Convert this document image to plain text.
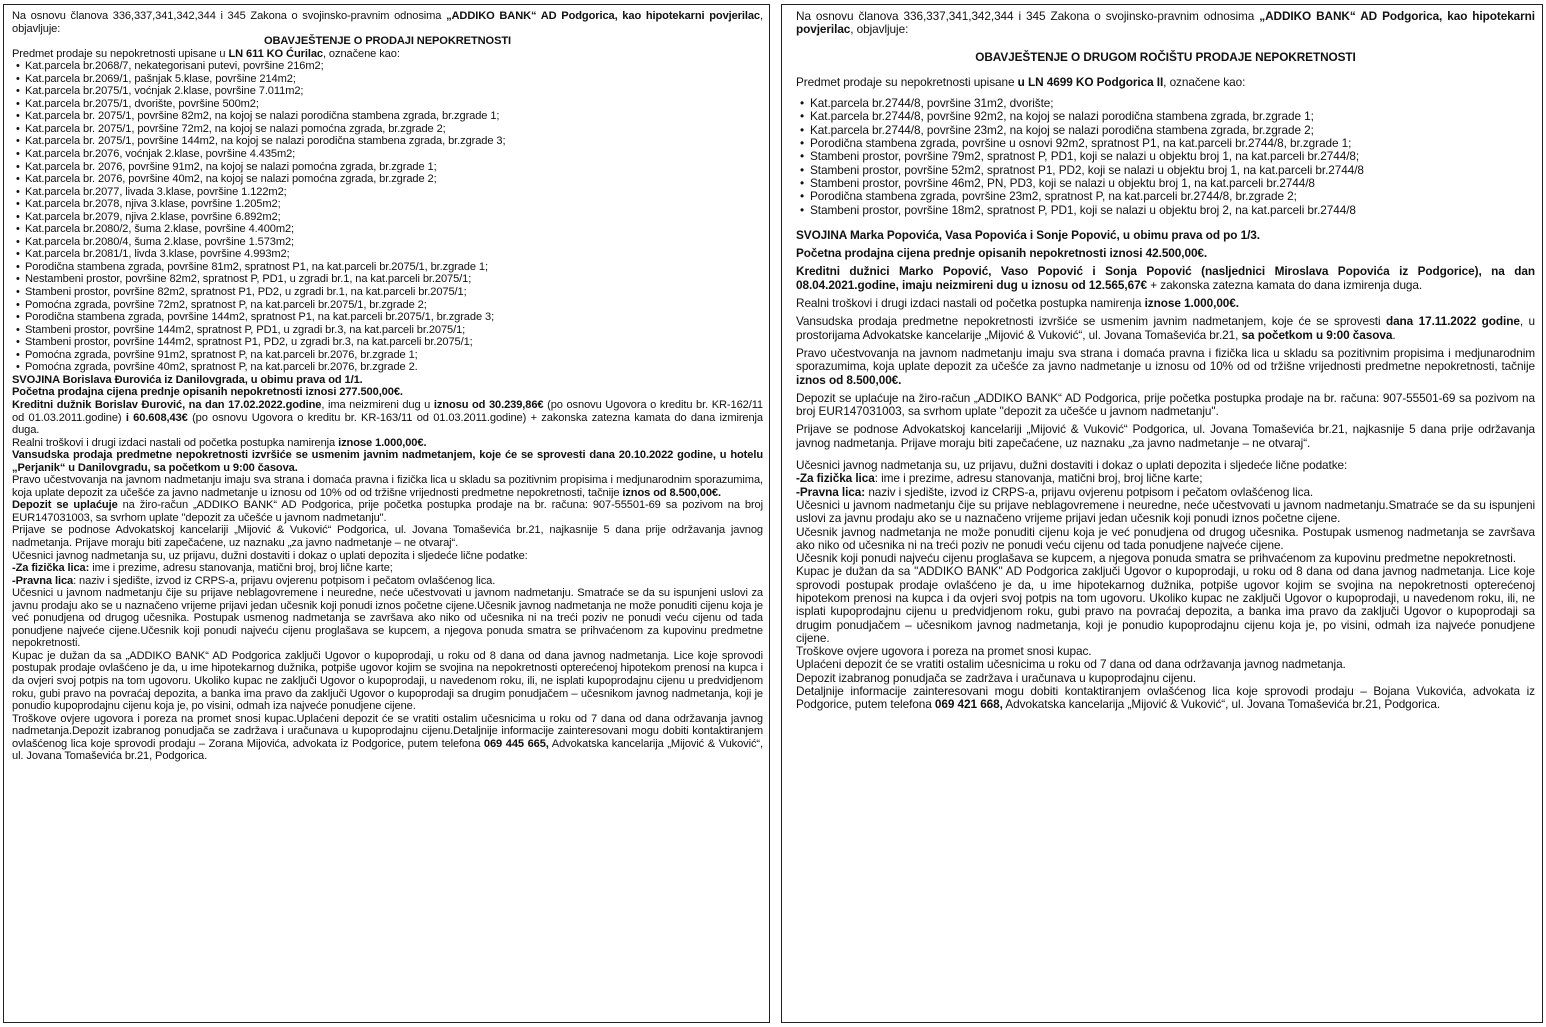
Na osnovu članova 336,337,341,342,344 i 345 Zakona o svojinsko-pravnim odnosima „ADDIKO BANK“ AD Podgorica, kao hipotekarni povjerilac, objavljuje:

OBAVJEŠTENJE O PRODAJI NEPOKRETNOSTI

Predmet prodaje su nepokretnosti upisane u LN 611 KO Ćurilac, označene kao:

• Kat.parcela br.2068/7, nekategorisani putevi, površine 216m2;
• Kat.parcela br.2069/1, pašnjak 5.klase, površine 214m2;
• Kat.parcela br.2075/1, voćnjak 2.klase, površine 7.011m2;
• Kat.parcela br.2075/1, dvorište, površine 500m2;
• Kat.parcela br. 2075/1, površine 82m2, na kojoj se nalazi porodična stambena zgrada, br.zgrade 1;
• Kat.parcela br. 2075/1, površine 72m2, na kojoj se nalazi pomoćna zgrada, br.zgrade 2;
• Kat.parcela br. 2075/1, površine 144m2, na kojoj se nalazi porodična stambena zgrada, br.zgrade 3;
• Kat.parcela br.2076, voćnjak 2.klase, površine 4.435m2;
• Kat.parcela br. 2076, površine 91m2, na kojoj se nalazi pomoćna zgrada, br.zgrade 1;
• Kat.parcela br. 2076, površine 40m2, na kojoj se nalazi pomoćna zgrada, br.zgrade 2;
• Kat.parcela br.2077, livada 3.klase, površine 1.122m2;
• Kat.parcela br.2078, njiva 3.klase, površine 1.205m2;
• Kat.parcela br.2079, njiva 2.klase, površine 6.892m2;
• Kat.parcela br.2080/2, šuma 2.klase, površine 4.400m2;
• Kat.parcela br.2080/4, šuma 2.klase, površine 1.573m2;
• Kat.parcela br.2081/1, livda 3.klase, površine 4.993m2;
• Porodična stambena zgrada, površine 81m2, spratnost P1, na kat.parceli br.2075/1, br.zgrade 1;
• Nestambeni prostor, površine 82m2, spratnost P, PD1, u zgradi br.1, na kat.parceli br.2075/1;
• Stambeni prostor, površine 82m2, spratnost P1, PD2, u zgradi br.1, na kat.parceli br.2075/1;
• Pomoćna zgrada, površine 72m2, spratnost P, na kat.parceli br.2075/1, br.zgrade 2;
• Porodična stambena zgrada, površine 144m2, spratnost P1, na kat.parceli br.2075/1, br.zgrade 3;
• Stambeni prostor, površine 144m2, spratnost P, PD1, u zgradi br.3, na kat.parceli br.2075/1;
• Stambeni prostor, površine 144m2, spratnost P1, PD2, u zgradi br.3, na kat.parceli br.2075/1;
• Pomoćna zgrada, površine 91m2, spratnost P, na kat.parceli br.2076, br.zgrade 1;
• Pomoćna zgrada, površine 40m2, spratnost P, na kat.parceli br.2076, br.zgrade 2.

SVOJINA Borislava Đurovića iz Danilovgrada, u obimu prava od 1/1.

Početna prodajna cijena prednje opisanih nepokretnosti iznosi 277.500,00€.

Kreditni dužnik Borislav Đurović, na dan 17.02.2022.godine, ima neizmireni dug u iznosu od 30.239,86€ (po osnovu Ugovora o kreditu br. KR-162/11 od 01.03.2011.godine) i 60.608,43€ (po osnovu Ugovora o kreditu br. KR-163/11 od 01.03.2011.godine) + zakonska zatezna kamata do dana izmirenja duga.

Realni troškovi i drugi izdaci nastali od početka postupka namirenja iznose 1.000,00€.

Vansudska prodaja predmetne nepokretnosti izvršiće se usmenim javnim nadmetanjem, koje će se sprovesti dana 20.10.2022 godine, u hotelu „Perjanik“ u Danilovgradu, sa početkom u 9:00 časova.

Pravo učestvovanja na javnom nadmetanju imaju sva strana i domaća pravna i fizička lica u skladu sa pozitivnim propisima i medjunarodnim sporazumima, koja uplate depozit za učešće za javno nadmetanje u iznosu od 10% od od tržišne vrijednosti predmetne nepokretnosti, tačnije iznos od 8.500,00€.

Depozit se uplaćuje na žiro-račun „ADDIKO BANK“ AD Podgorica, prije početka postupka prodaje na br. računa: 907-55501-69 sa pozivom na broj EUR147031003, sa svrhom uplate "depozit za učešće u javnom nadmetanju".

Prijave se podnose Advokatskoj kancelariji „Mijović & Vuković“ Podgorica, ul. Jovana Tomaševića br.21, najkasnije 5 dana prije održavanja javnog nadmetanja. Prijave moraju biti zapečaćene, uz naznaku „za javno nadmetanje – ne otvaraj“.

Učesnici javnog nadmetanja su, uz prijavu, dužni dostaviti i dokaz o uplati depozita i sljedeće lične podatke:

-Za fizička lica: ime i prezime, adresu stanovanja, matični broj, broj lične karte;

-Pravna lica: naziv i sjedište, izvod iz CRPS-a, prijavu ovjerenu potpisom i pečatom ovlašćenog lica.

Učesnici u javnom nadmetanju čije su prijave neblagovremene i neuredne, neće učestvovati u javnom nadmetanju. Smatraće se da su ispunjeni uslovi za javnu prodaju ako se u naznačeno vrijeme prijavi jedan učesnik koji ponudi iznos početne cijene.Učesnik javnog nadmetanja ne može ponuditi cijenu koja je već ponudjena od drugog učesnika. Postupak usmenog nadmetanja se završava ako niko od učesnika ni na treći poziv ne ponudi veću cijenu od tada ponudjene najveće cijene.Učesnik koji ponudi najveću cijenu proglašava se kupcem, a njegova ponuda smatra se prihvaćenom za kupovinu predmetne nepokretnosti.

Kupac je dužan da sa „ADDIKO BANK“ AD Podgorica zaključi Ugovor o kupoprodaji, u roku od 8 dana od dana javnog nadmetanja. Lice koje sprovodi postupak prodaje ovlašćeno je da, u ime hipotekarnog dužnika, potpiše ugovor kojim se svojina na nepokretnosti opterećenoj hipotekom prenosi na kupca i da ovjeri svoj potpis na tom ugovoru. Ukoliko kupac ne zaključi Ugovor o kupoprodaji, u navedenom roku, ili, ne isplati kupoprodajnu cijenu u predvidjenom roku, gubi pravo na povraćaj depozita, a banka ima pravo da zaključi Ugovor o kupoprodaji sa drugim ponudjačem – učesnikom javnog nadmetanja, koji je ponudio kupoprodajnu cijenu koja je, po visini, odmah iza najveće ponudjene cijene.

Troškove ovjere ugovora i poreza na promet snosi kupac.Uplaćeni depozit će se vratiti ostalim učesnicima u roku od 7 dana od dana održavanja javnog nadmetanja.Depozit izabranog ponudjača se zadržava i uračunava u kupoprodajnu cijenu.Detaljnije informacije zainteresovani mogu dobiti kontaktiranjem ovlašćenog lica koje sprovodi prodaju – Zorana Mijovića, advokata iz Podgorice, putem telefona 069 445 665, Advokatska kancelarija „Mijović & Vuković“, ul. Jovana Tomaševića br.21, Podgorica.

Na osnovu članova 336,337,341,342,344 i 345 Zakona o svojinsko-pravnim odnosima „ADDIKO BANK“ AD Podgorica, kao hipotekarni povjerilac, objavljuje:

OBAVJEŠTENJE O DRUGOM ROČIŠTU PRODAJE NEPOKRETNOSTI

Predmet prodaje su nepokretnosti upisane u LN 4699 KO Podgorica II, označene kao:

• Kat.parcela br.2744/8, površine 31m2, dvorište;
• Kat.parcela br.2744/8, površine 92m2, na kojoj se nalazi porodična stambena zgrada, br.zgrade 1;
• Kat.parcela br.2744/8, površine 23m2, na kojoj se nalazi porodična stambena zgrada, br.zgrade 2;
• Porodična stambena zgrada, površine u osnovi 92m2, spratnost P1, na kat.parceli br.2744/8, br.zgrade 1;
• Stambeni prostor, površine 79m2, spratnost P, PD1, koji se nalazi u objektu broj 1, na kat.parceli br.2744/8;
• Stambeni prostor, površine 52m2, spratnost P1, PD2, koji se nalazi u objektu broj 1, na kat.parceli br.2744/8
• Stambeni prostor, površine 46m2, PN, PD3, koji se nalazi u objektu broj 1, na kat.parceli br.2744/8
• Porodična stambena zgrada, površine 23m2, spratnost P, na kat.parceli br.2744/8, br.zgrade 2;
• Stambeni prostor, površine 18m2, spratnost P, PD1, koji se nalazi u objektu broj 2, na kat.parceli br.2744/8

SVOJINA Marka Popovića, Vasa Popovića i Sonje Popović, u obimu prava od po 1/3.

Početna prodajna cijena prednje opisanih nepokretnosti iznosi 42.500,00€.

Kreditni dužnici Marko Popović, Vaso Popović i Sonja Popović (nasljednici Miroslava Popovića iz Podgorice), na dan 08.04.2021.godine, imaju neizmireni dug u iznosu od 12.565,67€ + zakonska zatezna kamata do dana izmirenja duga.

Realni troškovi i drugi izdaci nastali od početka postupka namirenja iznose 1.000,00€.

Vansudska prodaja predmetne nepokretnosti izvršiće se usmenim javnim nadmetanjem, koje će se sprovesti dana 17.11.2022 godine, u prostorijama Advokatske kancelarije „Mijović & Vuković“, ul. Jovana Tomaševića br.21, sa početkom u 9:00 časova.

Pravo učestvovanja na javnom nadmetanju imaju sva strana i domaća pravna i fizička lica u skladu sa pozitivnim propisima i medjunarodnim sporazumima, koja uplate depozit za učešće za javno nadmetanje u iznosu od 10% od od tržišne vrijednosti predmetne nepokretnosti, tačnije iznos od 8.500,00€.

Depozit se uplaćuje na žiro-račun „ADDIKO BANK“ AD Podgorica, prije početka postupka prodaje na br. računa: 907-55501-69 sa pozivom na broj EUR147031003, sa svrhom uplate "depozit za učešće u javnom nadmetanju".

Prijave se podnose Advokatskoj kancelariji „Mijović & Vuković“ Podgorica, ul. Jovana Tomaševića br.21, najkasnije 5 dana prije održavanja javnog nadmetanja. Prijave moraju biti zapečaćene, uz naznaku „za javno nadmetanje – ne otvaraj“.

Učesnici javnog nadmetanja su, uz prijavu, dužni dostaviti i dokaz o uplati depozita i sljedeće lične podatke:

-Za fizička lica: ime i prezime, adresu stanovanja, matični broj, broj lične karte;

-Pravna lica: naziv i sjedište, izvod iz CRPS-a, prijavu ovjerenu potpisom i pečatom ovlašćenog lica.

Učesnici u javnom nadmetanju čije su prijave neblagovremene i neuredne, neće učestvovati u javnom nadmetanju.Smatraće se da su ispunjeni uslovi za javnu prodaju ako se u naznačeno vrijeme prijavi jedan učesnik koji ponudi iznos početne cijene.

Učesnik javnog nadmetanja ne može ponuditi cijenu koja je već ponudjena od drugog učesnika. Postupak usmenog nadmetanja se završava ako niko od učesnika ni na treći poziv ne ponudi veću cijenu od tada ponudjene najveće cijene.

Učesnik koji ponudi najveću cijenu proglašava se kupcem, a njegova ponuda smatra se prihvaćenom za kupovinu predmetne nepokretnosti.

Kupac je dužan da sa "ADDIKO BANK" AD Podgorica zaključi Ugovor o kupoprodaji, u roku od 8 dana od dana javnog nadmetanja. Lice koje sprovodi postupak prodaje ovlašćeno je da, u ime hipotekarnog dužnika, potpiše ugovor kojim se svojina na nepokretnosti opterećenoj hipotekom prenosi na kupca i da ovjeri svoj potpis na tom ugovoru. Ukoliko kupac ne zaključi Ugovor o kupoprodaji, u navedenom roku, ili, ne isplati kupoprodajnu cijenu u predvidjenom roku, gubi pravo na povraćaj depozita, a banka ima pravo da zaključi Ugovor o kupoprodaji sa drugim ponudjačem – učesnikom javnog nadmetanja, koji je ponudio kupoprodajnu cijenu koja je, po visini, odmah iza najveće ponudjene cijene.

Troškove ovjere ugovora i poreza na promet snosi kupac.

Uplaćeni depozit će se vratiti ostalim učesnicima u roku od 7 dana od dana održavanja javnog nadmetanja.

Depozit izabranog ponudjača se zadržava i uračunava u kupoprodajnu cijenu.

Detaljnije informacije zainteresovani mogu dobiti kontaktiranjem ovlašćenog lica koje sprovodi prodaju – Bojana Vukovića, advokata iz Podgorice, putem telefona 069 421 668, Advokatska kancelarija „Mijović & Vuković“, ul. Jovana Tomaševića br.21, Podgorica.
